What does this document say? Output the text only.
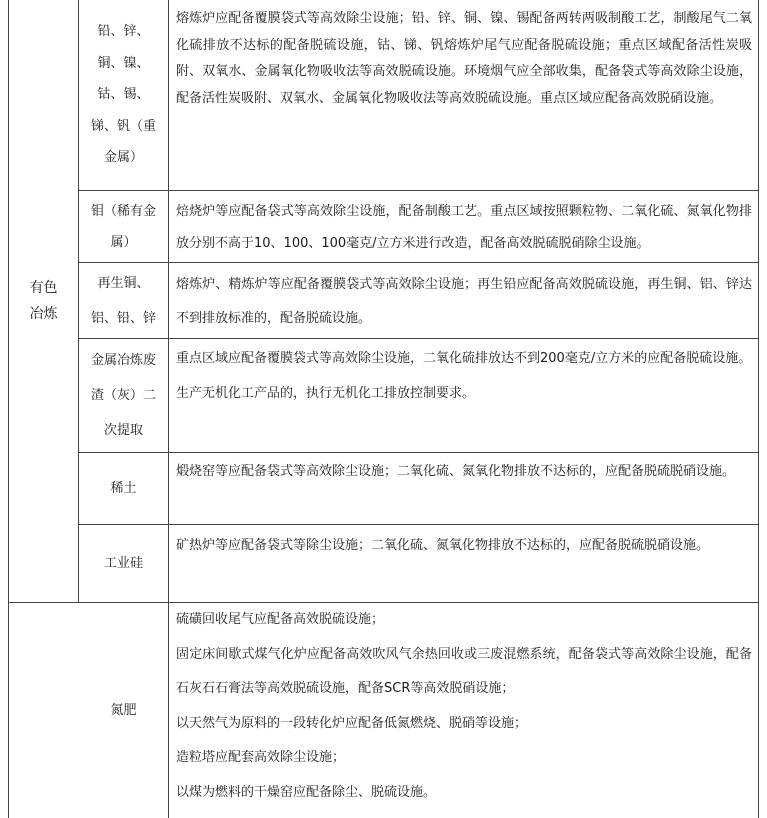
有色
冶炼
铅、锌、
铜、镍、
钴、锡、
锑、钒（重
金属）

熔炼炉应配备覆膜袋式等高效除尘设施；铅、锌、铜、镍、锡配备两转两吸制酸工艺，制酸尾气二氧化硫排放不达标的配备脱硫设施，钴、锑、钒熔炼炉尾气应配备脱硫设施；重点区域配备活性炭吸附、双氧水、金属氧化物吸收法等高效脱硫设施。环境烟气应全部收集，配备袋式等高效除尘设施，配备活性炭吸附、双氧水、金属氧化物吸收法等高效脱硫设施。重点区域应配备高效脱硝设施。

钼（稀有金
属）

焙烧炉等应配备袋式等高效除尘设施，配备制酸工艺。重点区域按照颗粒物、二氧化硫、氮氧化物排放分别不高于10、100、100毫克/立方米进行改造，配备高效脱硫脱硝除尘设施。

再生铜、
铝、铅、锌

熔炼炉、精炼炉等应配备覆膜袋式等高效除尘设施；再生铅应配备高效脱硫设施，再生铜、铝、锌达不到排放标准的，配备脱硫设施。

金属冶炼废
渣（灰）二
次提取

重点区域应配备覆膜袋式等高效除尘设施，二氧化硫排放达不到200毫克/立方米的应配备脱硫设施。

生产无机化工产品的，执行无机化工排放控制要求。

稀土

煅烧窑等应配备袋式等高效除尘设施；二氧化硫、氮氧化物排放不达标的，应配备脱硫脱硝设施。

工业硅

矿热炉等应配备袋式等除尘设施；二氧化硫、氮氧化物排放不达标的，应配备脱硫脱硝设施。

氮肥

硫磺回收尾气应配备高效脱硫设施；

固定床间歇式煤气化炉应配备高效吹风气余热回收或三废混燃系统，配备袋式等高效除尘设施，配备石灰石石膏法等高效脱硫设施，配备SCR等高效脱硝设施；

以天然气为原料的一段转化炉应配备低氮燃烧、脱硝等设施；

造粒塔应配套高效除尘设施；

以煤为燃料的干燥窑应配备除尘、脱硫设施。
